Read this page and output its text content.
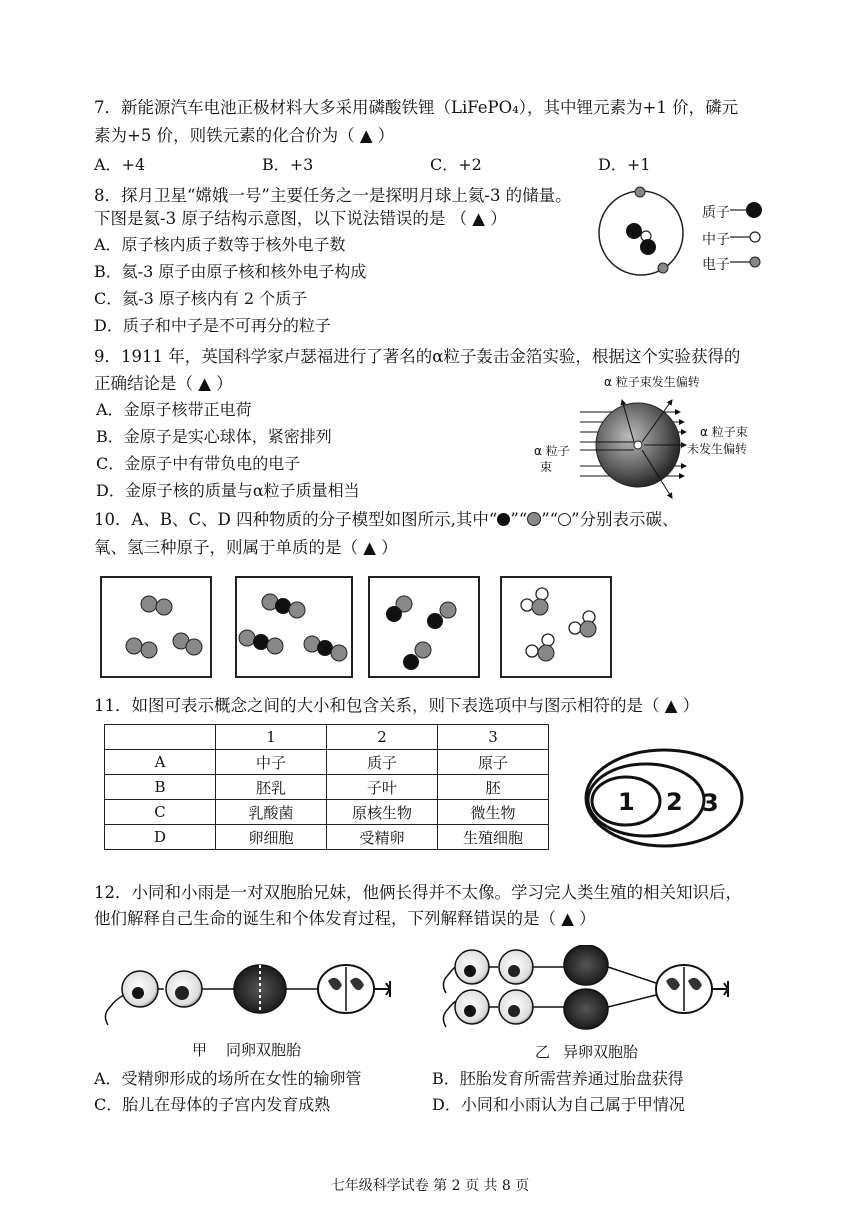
7．新能源汽车电池正极材料大多采用磷酸铁锂（LiFePO₄），其中锂元素为+1 价，磷元
素为+5 价，则铁元素的化合价为（ ▲ ）
A．+4	B．+3	C．+2	D．+1
8．探月卫星“嫦娥一号”主要任务之一是探明月球上氦-3 的储量。
下图是氦-3 原子结构示意图，以下说法错误的是 （ ▲ ）
A．原子核内质子数等于核外电子数
B．氦-3 原子由原子核和核外电子构成
C．氦-3 原子核内有 2 个质子
D．质子和中子是不可再分的粒子
质子
中子
电子
9．1911 年，英国科学家卢瑟福进行了著名的α粒子轰击金箔实验，根据这个实验获得的
正确结论是（ ▲ ）
A．金原子核带正电荷
B．金原子是实心球体，紧密排列
C．金原子中有带负电的电子
D．金原子核的质量与α粒子质量相当
α 粒子束发生偏转
α 粒子
束
α 粒子束
未发生偏转
10．A、B、C、D 四种物质的分子模型如图所示,其中“ ”“ ”“ ”分别表示碳、
氧、氢三种原子，则属于单质的是（ ▲ ）
11．如图可表示概念之间的大小和包含关系，则下表选项中与图示相符的是（ ▲ ）
	1	2	3
A	中子	质子	原子
B	胚乳	子叶	胚
C	乳酸菌	原核生物	微生物
D	卵细胞	受精卵	生殖细胞
1 2 3
12．小同和小雨是一对双胞胎兄妹，他俩长得并不太像。学习完人类生殖的相关知识后，
他们解释自己生命的诞生和个体发育过程，下列解释错误的是（ ▲ ）
甲 同卵双胞胎	乙 异卵双胞胎
A．受精卵形成的场所在女性的输卵管	B．胚胎发育所需营养通过胎盘获得
C．胎儿在母体的子宫内发育成熟	D．小同和小雨认为自己属于甲情况
七年级科学试卷 第 2 页 共 8 页
